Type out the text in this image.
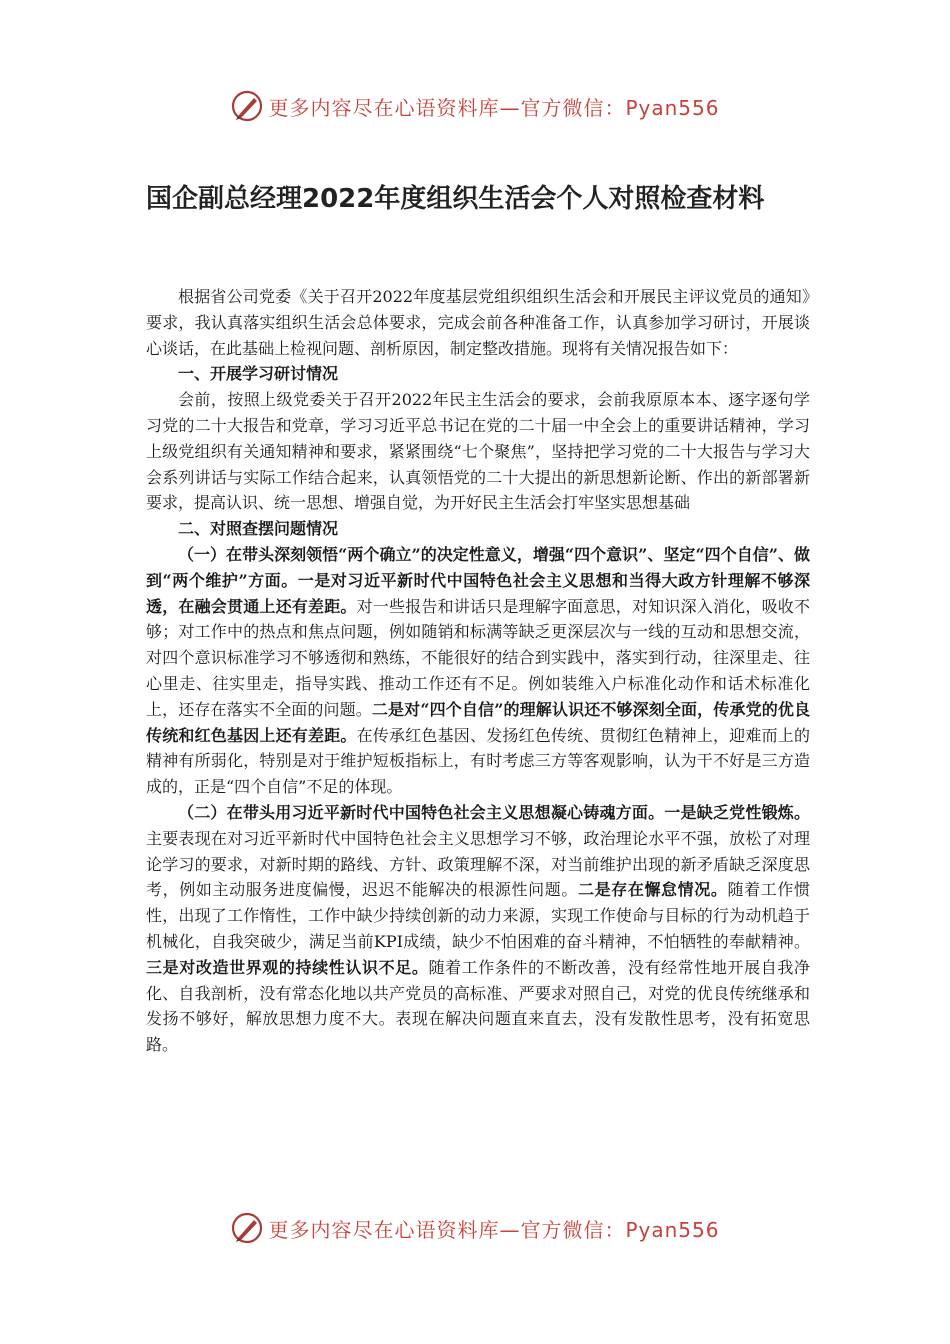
更多内容尽在心语资料库—官方微信：Pyan556
国企副总经理2022年度组织生活会个人对照检查材料

根据省公司党委《关于召开2022年度基层党组织组织生活会和开展民主评议党员的通知》要求，我认真落实组织生活会总体要求，完成会前各种准备工作，认真参加学习研讨，开展谈心谈话，在此基础上检视问题、剖析原因，制定整改措施。现将有关情况报告如下：

一、开展学习研讨情况

会前，按照上级党委关于召开2022年民主生活会的要求，会前我原原本本、逐字逐句学习党的二十大报告和党章，学习习近平总书记在党的二十届一中全会上的重要讲话精神，学习上级党组织有关通知精神和要求，紧紧围绕“七个聚焦”，坚持把学习党的二十大报告与学习大会系列讲话与实际工作结合起来，认真领悟党的二十大提出的新思想新论断、作出的新部署新要求，提高认识、统一思想、增强自觉，为开好民主生活会打牢坚实思想基础

二、对照查摆问题情况

（一）在带头深刻领悟“两个确立”的决定性意义，增强“四个意识”、坚定“四个自信”、做到“两个维护”方面。一是对习近平新时代中国特色社会主义思想和当得大政方针理解不够深透，在融会贯通上还有差距。对一些报告和讲话只是理解字面意思，对知识深入消化，吸收不够；对工作中的热点和焦点问题，例如随销和标满等缺乏更深层次与一线的互动和思想交流，对四个意识标准学习不够透彻和熟练，不能很好的结合到实践中，落实到行动，往深里走、往心里走、往实里走，指导实践、推动工作还有不足。例如装维入户标准化动作和话术标准化上，还存在落实不全面的问题。二是对“四个自信”的理解认识还不够深刻全面，传承党的优良传统和红色基因上还有差距。在传承红色基因、发扬红色传统、贯彻红色精神上，迎难而上的精神有所弱化，特别是对于维护短板指标上，有时考虑三方等客观影响，认为干不好是三方造成的，正是“四个自信”不足的体现。

（二）在带头用习近平新时代中国特色社会主义思想凝心铸魂方面。一是缺乏党性锻炼。主要表现在对习近平新时代中国特色社会主义思想学习不够，政治理论水平不强，放松了对理论学习的要求，对新时期的路线、方针、政策理解不深，对当前维护出现的新矛盾缺乏深度思考，例如主动服务进度偏慢，迟迟不能解决的根源性问题。二是存在懈怠情况。随着工作惯性，出现了工作惰性，工作中缺少持续创新的动力来源，实现工作使命与目标的行为动机趋于机械化，自我突破少，满足当前KPI成绩，缺少不怕困难的奋斗精神，不怕牺牲的奉献精神。三是对改造世界观的持续性认识不足。随着工作条件的不断改善，没有经常性地开展自我净化、自我剖析，没有常态化地以共产党员的高标准、严要求对照自己，对党的优良传统继承和发扬不够好，解放思想力度不大。表现在解决问题直来直去，没有发散性思考，没有拓宽思路。

更多内容尽在心语资料库—官方微信：Pyan556
